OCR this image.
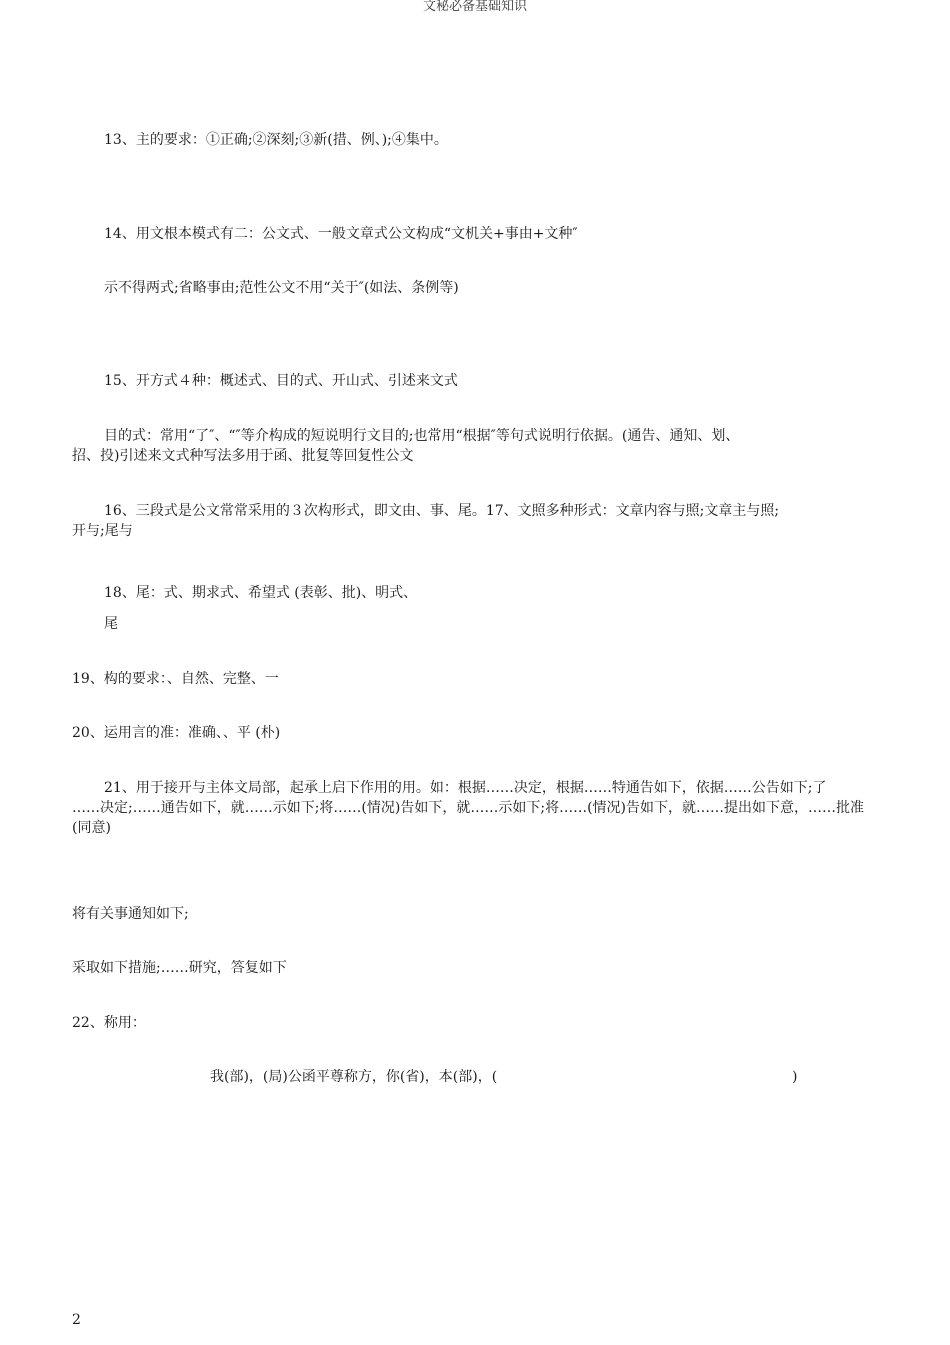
文秘必备基础知识
13、主的要求：①正确;②深刻;③新(措、例、);④集中。
14、用文根本模式有二：公文式、一般文章式公文构成“文机关+事由+文种″
示不得两式;省略事由;范性公文不用“关于″(如法、条例等)
15、开方式４种：概述式、目的式、开山式、引述来文式
目的式：常用“了″、“″等介构成的短说明行文目的;也常用“根据″等句式说明行依据。(通告、通知、划、
招、投)引述来文式种写法多用于函、批复等回复性公文
16、三段式是公文常常采用的３次构形式，即文由、事、尾。17、文照多种形式：文章内容与照;文章主与照;
开与;尾与
18、尾：式、期求式、希望式 (表彰、批)、明式、
尾
19、构的要求：、自然、完整、一
20、运用言的准：准确、、平 (朴)
21、用于接开与主体文局部，起承上启下作用的用。如：根据……决定，根据……特通告如下，依据……公告如下;了
……决定;……通告如下，就……示如下;将……(情况)告如下，就……示如下;将……(情况)告如下，就……提出如下意，……批准
(同意)
将有关事通知如下;
采取如下措施;……研究，答复如下
22、称用：
我(部)，(局)公函平尊称方，你(省)，本(部)，(	)
2
